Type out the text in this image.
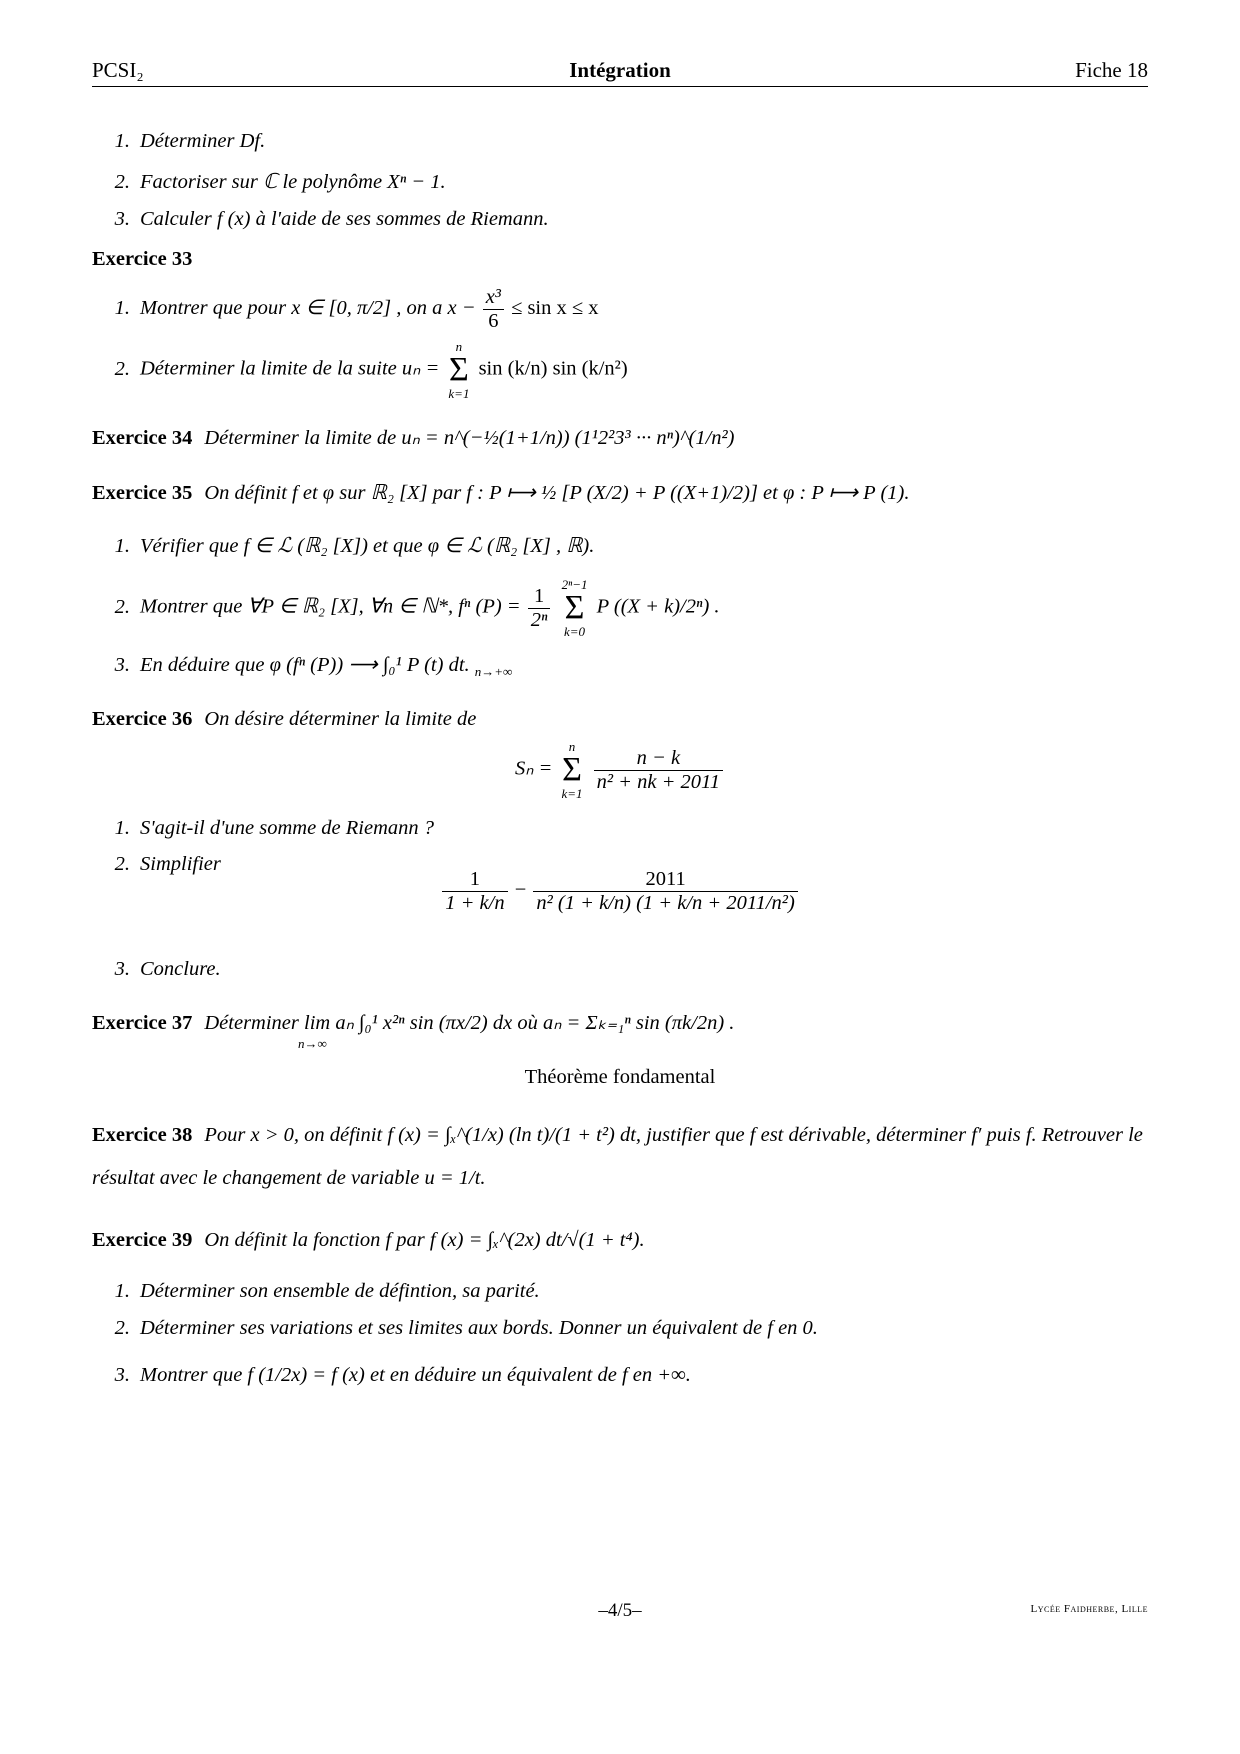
PCSI₂	Intégration	Fiche 18
1. Déterminer Df.
2. Factoriser sur ℂ le polynôme Xⁿ − 1.
3. Calculer f (x) à l'aide de ses sommes de Riemann.
Exercice 33
1. Montrer que pour x ∈ [0, π/2] , on a $x - \frac{\text{x³}}{6} \le \sin x \le x$
2. Déterminer la limite de la suite uₙ =
n
Σ
k=1
sin (k/n) sin (k/n²)
Exercice 34 Déterminer la limite de uₙ = n^(−½(1+1/n)) (1¹2²3³ ··· nⁿ)^(1/n²)
Exercice 35 On définit f et φ sur ℝ₂ [X] par f : P ⟼ ½ [P (X/2) + P ((X+1)/2)] et φ : P ⟼ P (1).
1. Vérifier que f ∈ ℒ (ℝ₂ [X]) et que φ ∈ ℒ (ℝ₂ [X] , ℝ).
2. Montrer que ∀P ∈ ℝ₂ [X], ∀n ∈ ℕ*, fⁿ $(P) = \frac{1}{\text{2ⁿ}}$
2ⁿ−1
Σ
k=0
P ((X + k)/2ⁿ) .
3. En déduire que φ (fⁿ (P)) ⟶ ∫₀¹ P (t) dt. $_{n\to+\infty}$
Exercice 36 On désire déterminer la limite de
Sₙ =
n
Σ
k=1
$\frac{n - k}{\text{n² + nk + 2011}}$
1. S'agit-il d'une somme de Riemann ?
2. Simplifier
$\frac{1}{1 + k/n} - \frac{2011}{\text{n² (1 + k/n) (1 + k/n + 2011/n²)}}$
3. Conclure.
Exercice 37 Déterminer lim aₙ ∫₀¹ x²ⁿ sin (πx/2) dx où aₙ = Σₖ₌₁ⁿ sin (πk/2n) .
n→∞
Théorème fondamental
Exercice 38 Pour x > 0, on définit f (x) = ∫ₓ^(1/x) (ln t)/(1 + t²) dt, justifier que f est dérivable, déterminer f′ puis f. Retrouver le
résultat avec le changement de variable u = 1/t.
Exercice 39 On définit la fonction f par f (x) = ∫ₓ^(2x) dt/√(1 + t⁴).
1. Déterminer son ensemble de défintion, sa parité.
2. Déterminer ses variations et ses limites aux bords. Donner un équivalent de f en 0.
3. Montrer que f (1/2x) = f (x) et en déduire un équivalent de f en +∞.
–4/5–	Lycée Faidherbe, Lille
